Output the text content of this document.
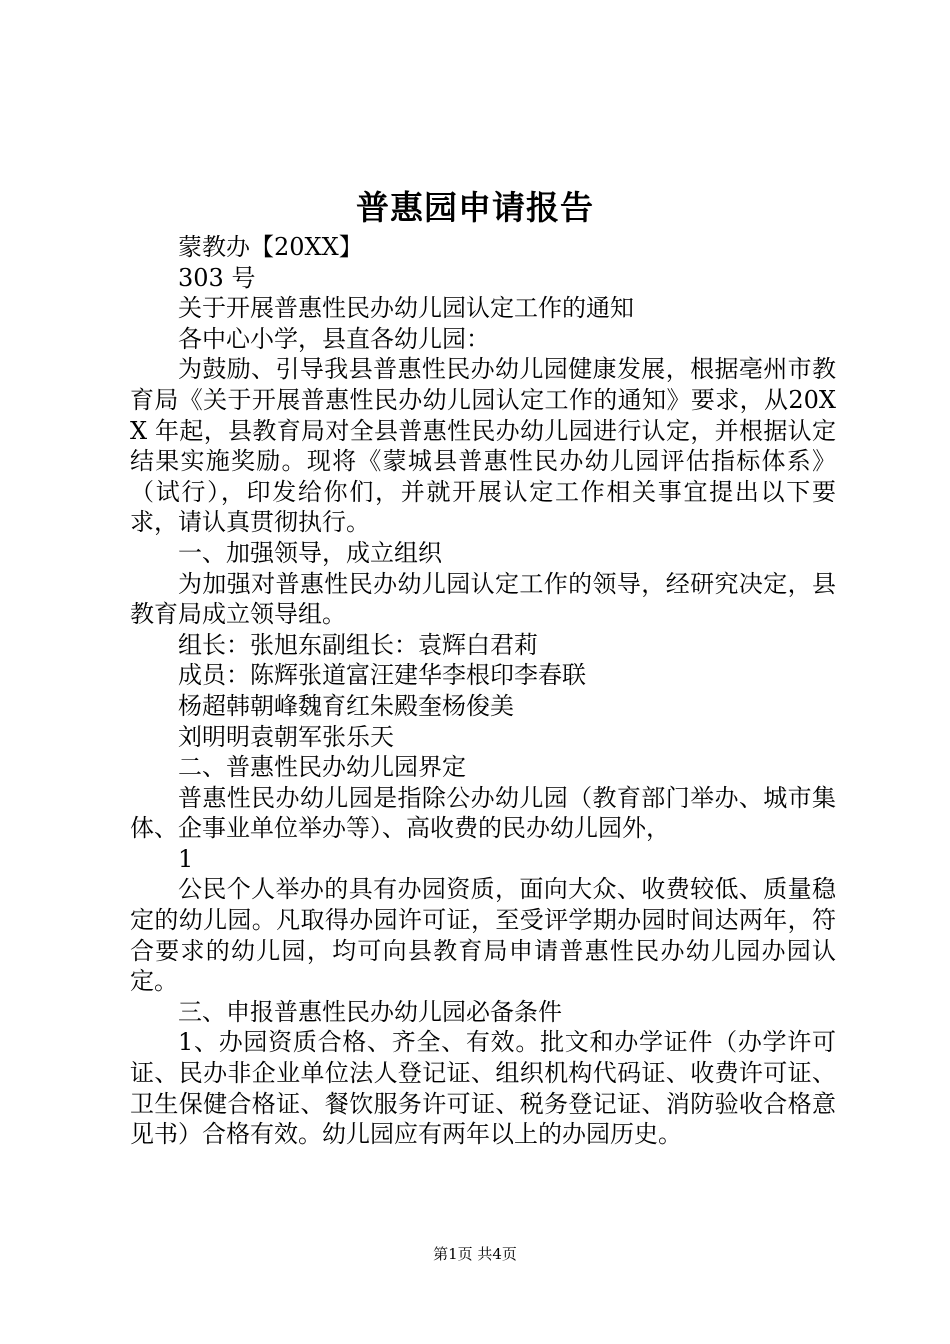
普惠园申请报告

蒙教办【20XX】

303 号

关于开展普惠性民办幼儿园认定工作的通知

各中心小学，县直各幼儿园：

为鼓励、引导我县普惠性民办幼儿园健康发展，根据亳州市教育局《关于开展普惠性民办幼儿园认定工作的通知》要求，从20XX 年起，县教育局对全县普惠性民办幼儿园进行认定，并根据认定结果实施奖励。现将《蒙城县普惠性民办幼儿园评估指标体系》（试行），印发给你们，并就开展认定工作相关事宜提出以下要求，请认真贯彻执行。

一、加强领导，成立组织

为加强对普惠性民办幼儿园认定工作的领导，经研究决定，县教育局成立领导组。

组长：张旭东副组长：袁辉白君莉

成员：陈辉张道富汪建华李根印李春联

杨超韩朝峰魏育红朱殿奎杨俊美

刘明明袁朝军张乐天

二、普惠性民办幼儿园界定

普惠性民办幼儿园是指除公办幼儿园（教育部门举办、城市集体、企事业单位举办等）、高收费的民办幼儿园外，

1

公民个人举办的具有办园资质，面向大众、收费较低、质量稳定的幼儿园。凡取得办园许可证，至受评学期办园时间达两年，符合要求的幼儿园，均可向县教育局申请普惠性民办幼儿园办园认定。

三、申报普惠性民办幼儿园必备条件

1、办园资质合格、齐全、有效。批文和办学证件（办学许可证、民办非企业单位法人登记证、组织机构代码证、收费许可证、卫生保健合格证、餐饮服务许可证、税务登记证、消防验收合格意见书）合格有效。幼儿园应有两年以上的办园历史。

第1页 共4页
